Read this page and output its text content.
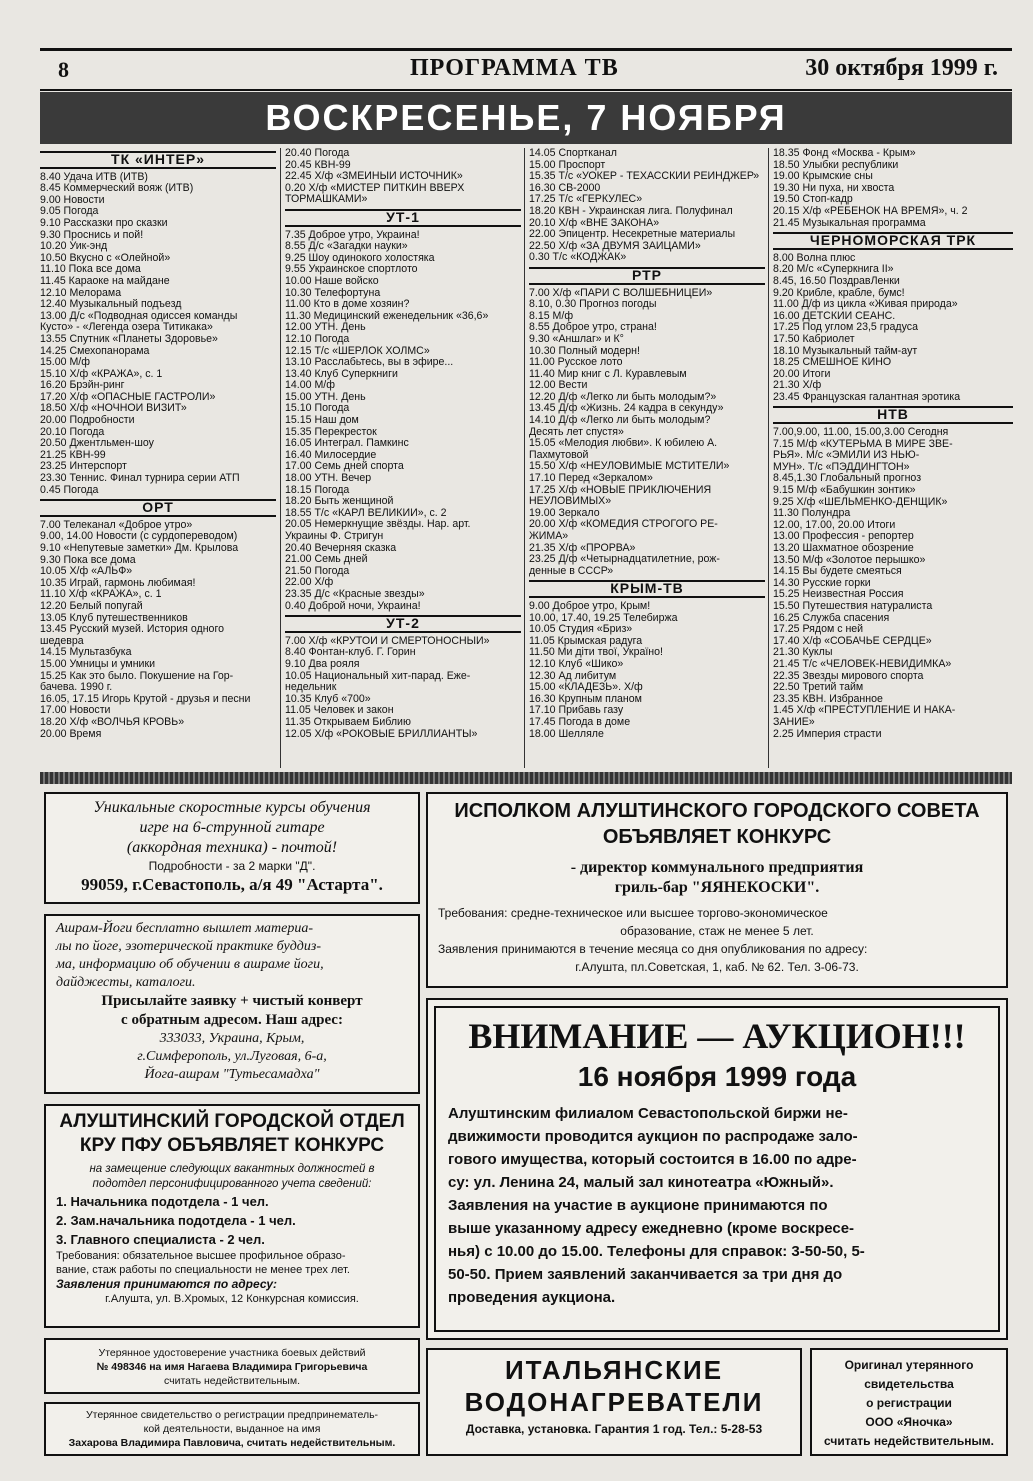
8	ПРОГРАММА ТВ	30 октября 1999 г.
ВОСКРЕСЕНЬЕ, 7 НОЯБРЯ
ТК «ИНТЕР»
8.40 Удача ИТВ (ИТВ)
8.45 Коммерческий вояж (ИТВ)
9.00 Новости
9.05 Погода
9.10 Рассказки про сказки
9.30 Проснись и пой!
10.20 Уик-энд
10.50 Вкусно с «Олейной»
11.10 Пока все дома
11.45 Караоке на майдане
12.10 Мелорама
12.40 Музыкальный подъезд
13.00 Д/с «Подводная одиссея команды
Кусто» - «Легенда озера Титикака»
13.55 Спутник «Планеты Здоровье»
14.25 Смехопанорама
15.00 М/ф
15.10 Х/ф «КРАЖА», с. 1
16.20 Брэйн-ринг
17.20 Х/ф «ОПАСНЫЕ ГАСТРОЛИ»
18.50 Х/ф «НОЧНОЙ ВИЗИТ»
20.00 Подробности
20.10 Погода
20.50 Джентльмен-шоу
21.25 КВН-99
23.25 Интерспорт
23.30 Теннис. Финал турнира серии АТП
0.45 Погода
ОРТ
7.00 Телеканал «Доброе утро»
9.00, 14.00 Новости (с сурдопереводом)
9.10 «Непутевые заметки» Дм. Крылова
9.30 Пока все дома
10.05 Х/ф «АЛЬФ»
10.35 Играй, гармонь любимая!
11.10 Х/ф «КРАЖА», с. 1
12.20 Белый попугай
13.05 Клуб путешественников
13.45 Русский музей. История одного
шедевра
14.15 Мультазбука
15.00 Умницы и умники
15.25 Как это было. Покушение на Гор-
бачева. 1990 г.
16.05, 17.15 Игорь Крутой - друзья и песни
17.00 Новости
18.20 Х/ф «ВОЛЧЬЯ КРОВЬ»
20.00 Время
20.40 Погода
20.45 КВН-99
22.45 Х/ф «ЗМЕИНЫЙ ИСТОЧНИК»
0.20 Х/ф «МИСТЕР ПИТКИН ВВЕРХ
ТОРМАШКАМИ»
УТ-1
7.35 Доброе утро, Украина!
8.55 Д/с «Загадки науки»
9.25 Шоу одинокого холостяка
9.55 Украинское спортлото
10.00 Наше войско
10.30 Телефортуна
11.00 Кто в доме хозяин?
11.30 Медицинский еженедельник «36,6»
12.00 УТН. День
12.10 Погода
12.15 Т/с «ШЕРЛОК ХОЛМС»
13.10 Расслабьтесь, вы в эфире...
13.40 Клуб Суперкниги
14.00 М/ф
15.00 УТН. День
15.10 Погода
15.15 Наш дом
15.35 Перекресток
16.05 Интеграл. Памкинс
16.40 Милосердие
17.00 Семь дней спорта
18.00 УТН. Вечер
18.15 Погода
18.20 Быть женщиной
18.55 Т/с «КАРЛ ВЕЛИКИЙ», с. 2
20.05 Немеркнущие звёзды. Нар. арт.
Украины Ф. Стригун
20.40 Вечерняя сказка
21.00 Семь дней
21.50 Погода
22.00 Х/ф
23.35 Д/с «Красные звезды»
0.40 Доброй ночи, Украина!
УТ-2
7.00 Х/ф «КРУТОЙ И СМЕРТОНОСНЫЙ»
8.40 Фонтан-клуб. Г. Горин
9.10 Два рояля
10.05 Национальный хит-парад. Еже-
недельник
10.35 Клуб «700»
11.05 Человек и закон
11.35 Открываем Библию
12.05 Х/ф «РОКОВЫЕ БРИЛЛИАНТЫ»
14.05 Спортканал
15.00 Проспорт
15.35 Т/с «УОКЕР - ТЕХАССКИЙ РЕЙНДЖЕР»
16.30 СВ-2000
17.25 Т/с «ГЕРКУЛЕС»
18.20 КВН - Украинская лига. Полуфинал
20.10 Х/ф «ВНЕ ЗАКОНА»
22.00 Эпицентр. Несекретные материалы
22.50 Х/ф «ЗА ДВУМЯ ЗАЙЦАМИ»
0.30 Т/с «КОДЖАК»
РТР
7.00 Х/ф «ПАРИ С ВОЛШЕБНИЦЕЙ»
8.10, 0.30 Прогноз погоды
8.15 М/ф
8.55 Доброе утро, страна!
9.30 «Аншлаг» и К°
10.30 Полный модерн!
11.00 Русское лото
11.40 Мир книг с Л. Куравлевым
12.00 Вести
12.20 Д/ф «Легко ли быть молодым?»
13.45 Д/ф «Жизнь. 24 кадра в секунду»
14.10 Д/ф «Легко ли быть молодым?
Десять лет спустя»
15.05 «Мелодия любви». К юбилею А.
Пахмутовой
15.50 Х/ф «НЕУЛОВИМЫЕ МСТИТЕЛИ»
17.10 Перед «Зеркалом»
17.25 Х/ф «НОВЫЕ ПРИКЛЮЧЕНИЯ
НЕУЛОВИМЫХ»
19.00 Зеркало
20.00 Х/ф «КОМЕДИЯ СТРОГОГО РЕ-
ЖИМА»
21.35 Х/ф «ПРОРВА»
23.25 Д/ф «Четырнадцатилетние, рож-
денные в СССР»
КРЫМ-ТВ
9.00 Доброе утро, Крым!
10.00, 17.40, 19.25 Телебиржа
10.05 Студия «Бриз»
11.05 Крымская радуга
11.50 Ми діти твої, Україно!
12.10 Клуб «Шико»
12.30 Ад либитум
15.00 «КЛАДЕЗЬ». Х/ф
16.30 Крупным планом
17.10 Прибавь газу
17.45 Погода в доме
18.00 Шелляле
18.35 Фонд «Москва - Крым»
18.50 Улыбки республики
19.00 Крымские сны
19.30 Ни пуха, ни хвоста
19.50 Стоп-кадр
20.15 Х/ф «РЕБЕНОК НА ВРЕМЯ», ч. 2
21.45 Музыкальная программа
ЧЕРНОМОРСКАЯ ТРК
8.00 Волна плюс
8.20 М/с «Суперкнига II»
8.45, 16.50 ПоздравЛенки
9.20 Крибле, крабле, бумс!
11.00 Д/ф из цикла «Живая природа»
16.00 ДЕТСКИЙ СЕАНС.
17.25 Под углом 23,5 градуса
17.50 Кабриолет
18.10 Музыкальный тайм-аут
18.25 СМЕШНОЕ КИНО
20.00 Итоги
21.30 Х/ф
23.45 Французская галантная эротика
НТВ
7.00,9.00, 11.00, 15.00,3.00 Сегодня
7.15 М/ф «КУТЕРЬМА В МИРЕ ЗВЕ-
РЬЯ». М/с «ЭМИЛИ ИЗ НЬЮ-
МУН». Т/с «ПЭДДИНГТОН»
8.45,1.30 Глобальный прогноз
9.15 М/ф «Бабушкин зонтик»
9.25 Х/ф «ШЕЛЬМЕНКО-ДЕНЩИК»
11.30 Полундра
12.00, 17.00, 20.00 Итоги
13.00 Профессия - репортер
13.20 Шахматное обозрение
13.50 М/ф «Золотое перышко»
14.15 Вы будете смеяться
14.30 Русские горки
15.25 Неизвестная Россия
15.50 Путешествия натуралиста
16.25 Служба спасения
17.25 Рядом с ней
17.40 Х/ф «СОБАЧЬЕ СЕРДЦЕ»
21.30 Куклы
21.45 Т/с «ЧЕЛОВЕК-НЕВИДИМКА»
22.35 Звезды мирового спорта
22.50 Третий тайм
23.35 КВН. Избранное
1.45 Х/ф «ПРЕСТУПЛЕНИЕ И НАКА-
ЗАНИЕ»
2.25 Империя страсти
Уникальные скоростные курсы обучения
игре на 6-струнной гитаре
(аккордная техника) - почтой!
Подробности - за 2 марки "Д".
99059, г.Севастополь, а/я 49 "Астарта".
Ашрам-Йоги бесплатно вышлет материа-
лы по йоге, эзотерической практике буддиз-
ма, информацию об обучении в ашраме йоги,
дайджесты, каталоги.
Присылайте заявку + чистый конверт
с обратным адресом. Наш адрес:
333033, Украина, Крым,
г.Симферополь, ул.Луговая, 6-а,
Йога-ашрам "Тутьесамадха"
АЛУШТИНСКИЙ ГОРОДСКОЙ ОТДЕЛ
КРУ ПФУ ОБЪЯВЛЯЕТ КОНКУРС
на замещение следующих вакантных должностей в
подотдел персонифицированного учета сведений:
1. Начальника подотдела - 1 чел.
2. Зам.начальника подотдела - 1 чел.
3. Главного специалиста - 2 чел.
Требования: обязательное высшее профильное образо-
вание, стаж работы по специальности не менее трех лет.
Заявления принимаются по адресу:
г.Алушта, ул. В.Хромых, 12 Конкурсная комиссия.
Утерянное удостоверение участника боевых действий
№ 498346 на имя Нагаева Владимира Григорьевича
считать недействительным.
Утерянное свидетельство о регистрации предпринематель-
кой деятельности, выданное на имя
Захарова Владимира Павловича, считать недействительным.
ИСПОЛКОМ АЛУШТИНСКОГО ГОРОДСКОГО СОВЕТА
ОБЪЯВЛЯЕТ КОНКУРС
- директор коммунального предприятия
гриль-бар "ЯЯНЕКОСКИ".
Требования: средне-техническое или высшее торгово-экономическое
образование, стаж не менее 5 лет.
Заявления принимаются в течение месяца со дня опубликования по адресу:
г.Алушта, пл.Советская, 1, каб. № 62. Тел. 3-06-73.
ВНИМАНИЕ — АУКЦИОН!!!
16 ноября 1999 года
Алуштинским филиалом Севастопольской биржи не-
движимости проводится аукцион по распродаже зало-
гового имущества, который состоится в 16.00 по адре-
су: ул. Ленина 24, малый зал кинотеатра «Южный».
Заявления на участие в аукционе принимаются по
выше указанному адресу ежедневно (кроме воскресе-
нья) с 10.00 до 15.00. Телефоны для справок: 3-50-50, 5-
50-50. Прием заявлений заканчивается за три дня до
проведения аукциона.
ИТАЛЬЯНСКИЕ
ВОДОНАГРЕВАТЕЛИ
Доставка, установка. Гарантия 1 год. Тел.: 5-28-53
Оригинал утерянного
свидетельства
о регистрации
ООО «Яночка»
считать недействительным.
